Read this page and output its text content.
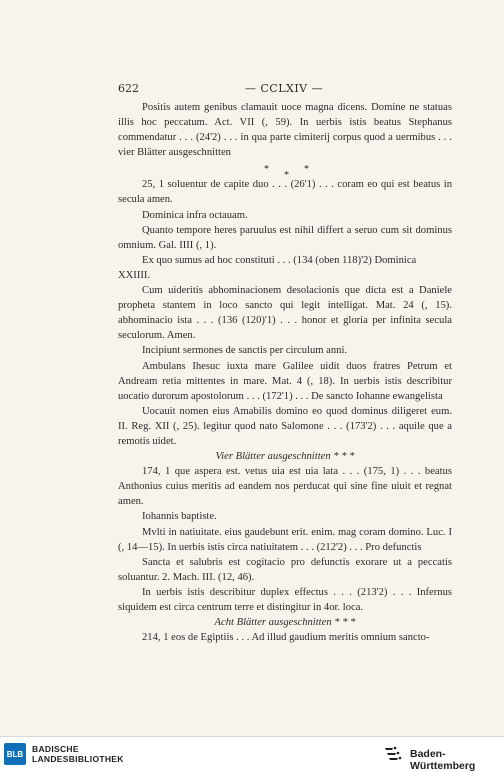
622	— CCLXIV —

Positis autem genibus clamauit uoce magna dicens. Domine ne statuas illis hoc peccatum. Act. VII (, 59). In uerbis istis beatus Stephanus commendatur . . . (24'2) . . . in qua parte cimiterij corpus quod a uermibus . . . vier Blätter ausgeschnitten

*
*
*

25, 1 soluentur de capite duo . . . (26'1) . . . coram eo qui est beatus in secula amen.

Dominica infra octauam.

Quanto tempore heres paruulus est nihil differt a seruo cum sit dominus omnium. Gal. IIII (, 1).

Ex quo sumus ad hoc constituti . . . (134 (oben 118)'2) Dominica

XXIIII.

Cum uideritis abhominacionem desolacionis que dicta est a Daniele propheta stantem in loco sancto qui legit intelligat. Mat. 24 (, 15). abhominacio ista . . . (136 (120)'1) . . . honor et gloria per infinita secula seculorum. Amen.

Incipiunt sermones de sanctis per circulum anni.

Ambulans Ihesuc iuxta mare Galilee uidit duos fratres Petrum et Andream retia mittentes in mare. Mat. 4 (, 18). In uerbis istis describitur uocatio durorum apostolorum . . . (172'1) . . . De sancto Iohanne ewangelista

Uocauit nomen eius Amabilis domino eo quod dominus diligeret eum. II. Reg. XII (, 25). legitur quod nato Salomone . . . (173'2) . . . aquile que a remotis uidet.

Vier Blätter ausgeschnitten * * *

174, 1 que aspera est. vetus uia est uia lata . . . (175, 1) . . . beatus Anthonius cuius meritis ad eandem nos perducat qui sine fine uiuit et regnat amen.

Iohannis baptiste.

Mvlti in natiuitate. eius gaudebunt erit. enim. mag coram domino. Luc. I (, 14—15). In uerbis istis circa natiuitatem . . . (212'2) . . . Pro defunctis

Sancta et salubris est cogitacio pro defunctis exorare ut a peccatis soluantur. 2. Mach. III. (12, 46).

In uerbis istis describitur duplex effectus . . . (213'2) . . . Infernus siquidem est circa centrum terre et distingitur in 4or. loca.

Acht Blätter ausgeschnitten * * *

214, 1 eos de Egiptiis . . . Ad illud gaudium meritis omnium sancto-

BLB	BADISCHE
LANDESBIBLIOTHEK	Baden-Württemberg
